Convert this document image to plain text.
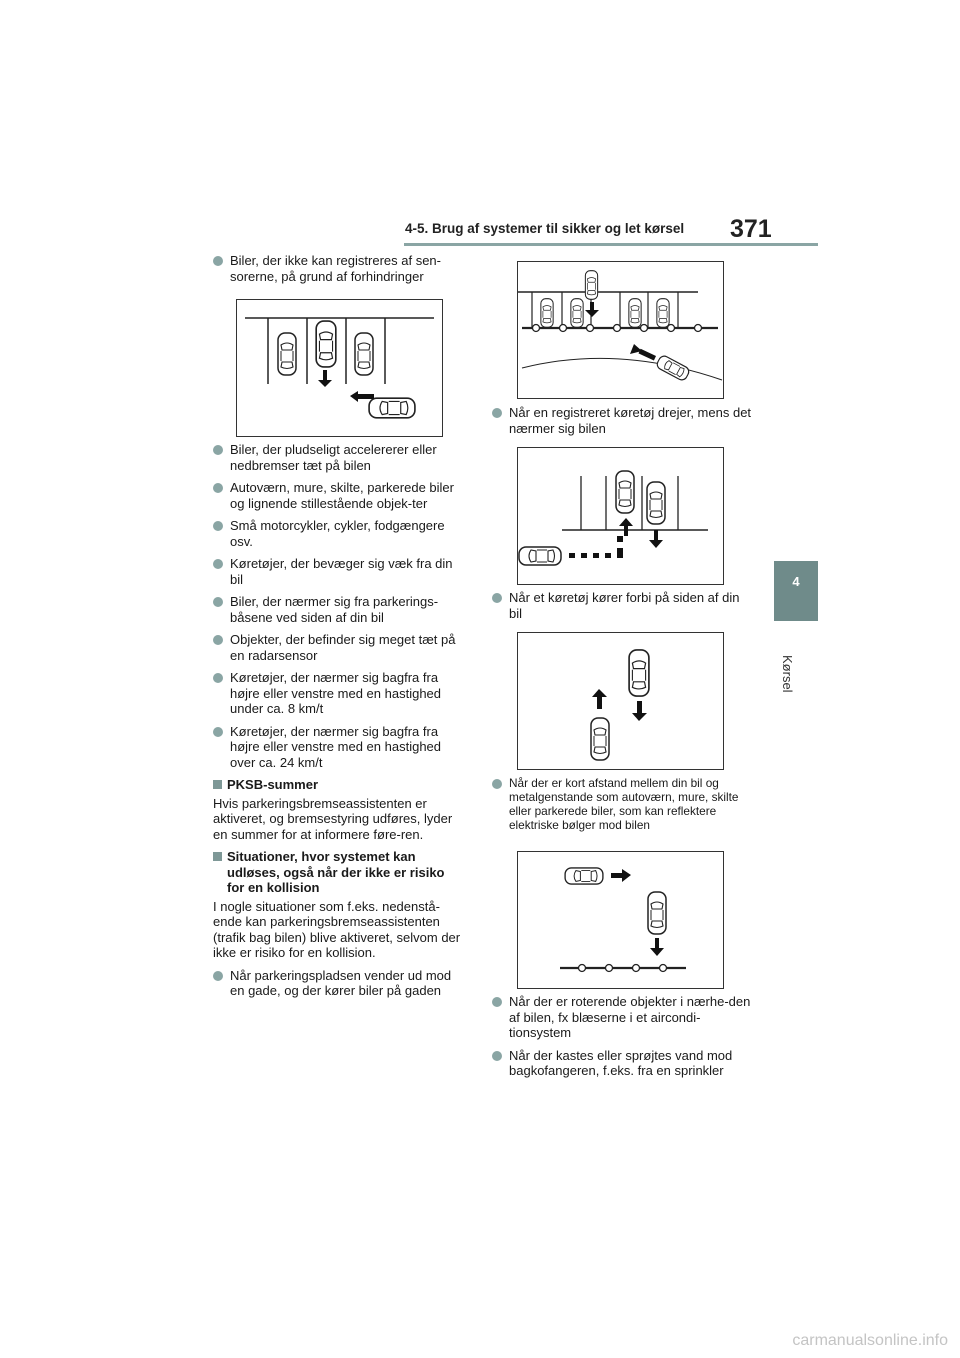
4-5. Brug af systemer til sikker og let kørsel 371
4
Kørsel

Biler, der ikke kan registreres af sen-sorerne, på grund af forhindringer

Biler, der pludseligt accelererer eller nedbremser tæt på bilen

Autoværn, mure, skilte, parkerede biler og lignende stillestående objek-ter

Små motorcykler, cykler, fodgængere osv.

Køretøjer, der bevæger sig væk fra din bil

Biler, der nærmer sig fra parkerings-båsene ved siden af din bil

Objekter, der befinder sig meget tæt på en radarsensor

Køretøjer, der nærmer sig bagfra fra højre eller venstre med en hastighed under ca. 8 km/t

Køretøjer, der nærmer sig bagfra fra højre eller venstre med en hastighed over ca. 24 km/t

PKSB-summer

Hvis parkeringsbremseassistenten er aktiveret, og bremsestyring udføres, lyder en summer for at informere føre-ren.

Situationer, hvor systemet kan udløses, også når der ikke er risiko for en kollision

I nogle situationer som f.eks. nedenstå-ende kan parkeringsbremseassistenten (trafik bag bilen) blive aktiveret, selvom der ikke er risiko for en kollision.

Når parkeringspladsen vender ud mod en gade, og der kører biler på gaden

Når en registreret køretøj drejer, mens det nærmer sig bilen

Når et køretøj kører forbi på siden af din bil

Når der er kort afstand mellem din bil og metalgenstande som autoværn, mure, skilte eller parkerede biler, som kan reflektere elektriske bølger mod bilen

Når der er roterende objekter i nærhe-den af bilen, fx blæserne i et aircondi-tionsystem

Når der kastes eller sprøjtes vand mod bagkofangeren, f.eks. fra en sprinkler

carmanualsonline.info
